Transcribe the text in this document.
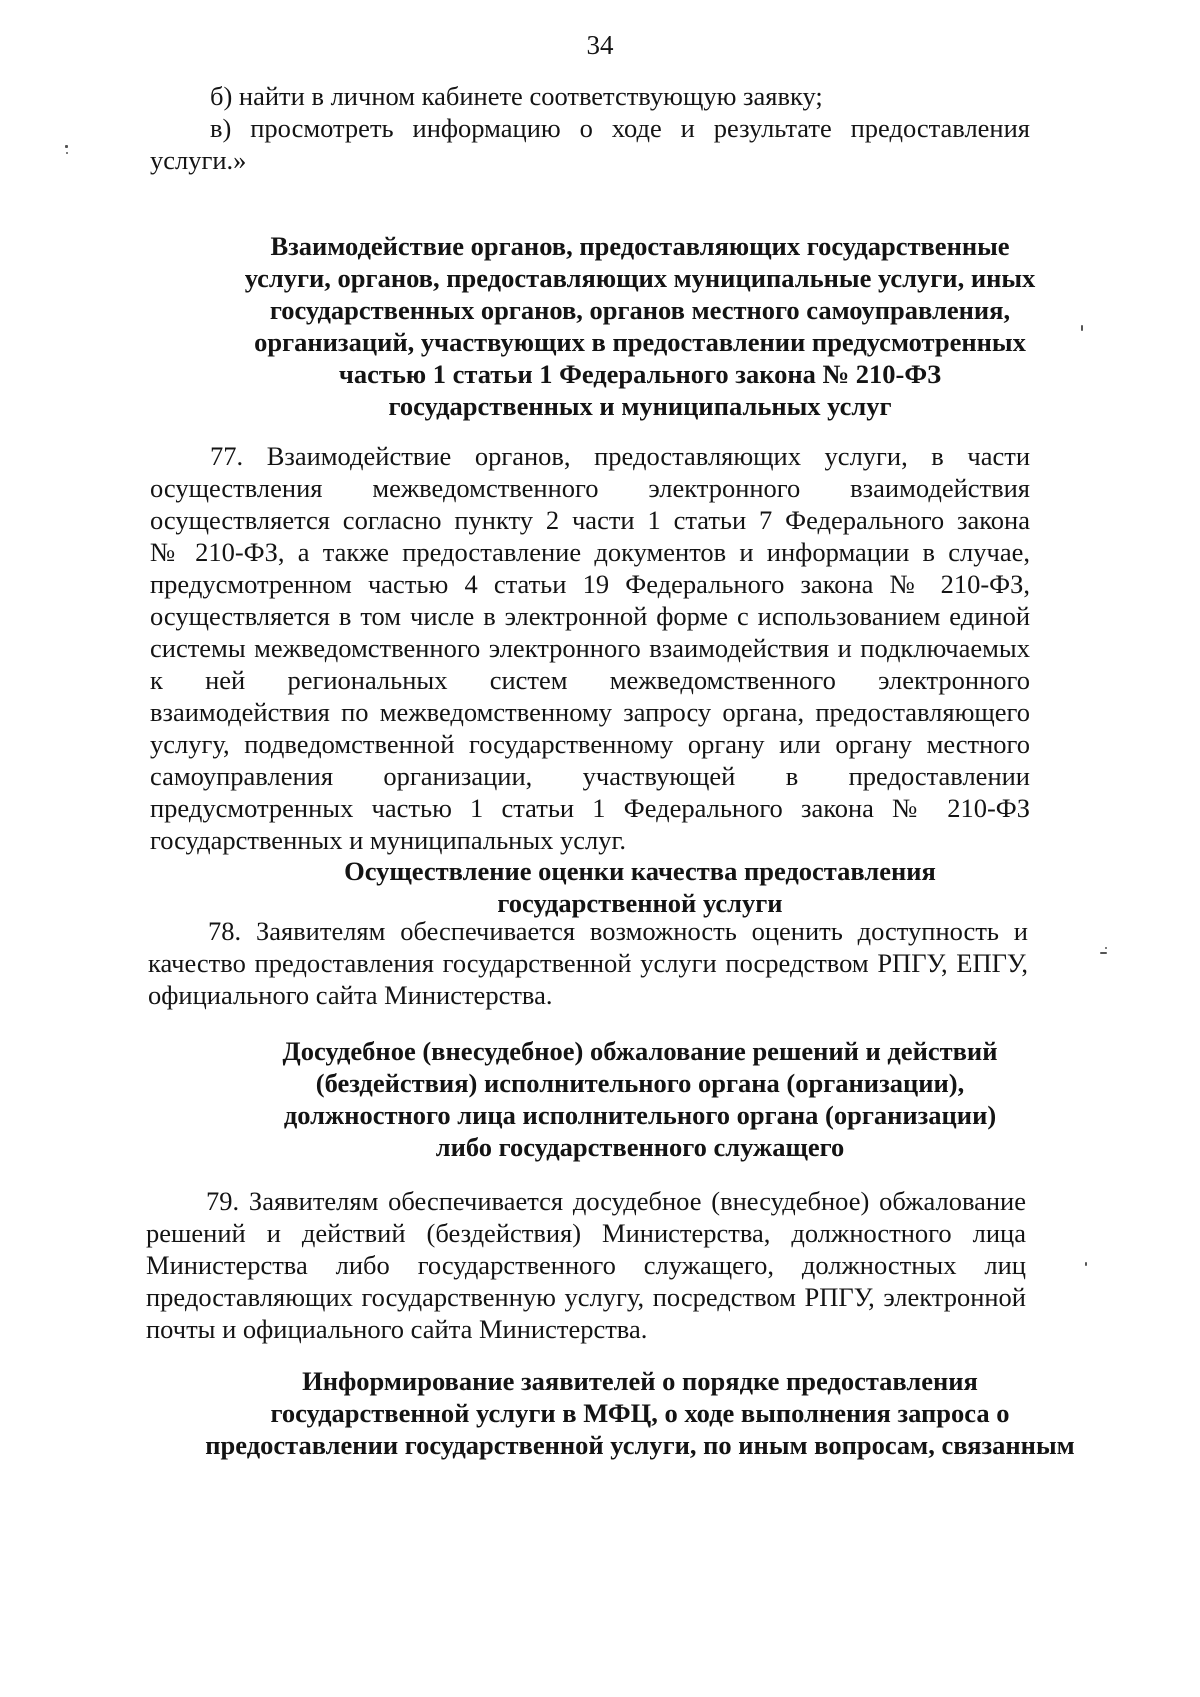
34
б) найти в личном кабинете соответствующую заявку;
в) просмотреть информацию о ходе и результате предоставления
услуги.»
Взаимодействие органов, предоставляющих государственные
услуги, органов, предоставляющих муниципальные услуги, иных
государственных органов, органов местного самоуправления,
организаций, участвующих в предоставлении предусмотренных
частью 1 статьи 1 Федерального закона № 210-ФЗ
государственных и муниципальных услуг
77. Взаимодействие органов, предоставляющих услуги, в части
осуществления межведомственного электронного взаимодействия
осуществляется согласно пункту 2 части 1 статьи 7 Федерального закона
№ 210-ФЗ, а также предоставление документов и информации в случае,
предусмотренном частью 4 статьи 19 Федерального закона № 210-ФЗ,
осуществляется в том числе в электронной форме с использованием единой
системы межведомственного электронного взаимодействия и подключаемых
к ней региональных систем межведомственного электронного
взаимодействия по межведомственному запросу органа, предоставляющего
услугу, подведомственной государственному органу или органу местного
самоуправления организации, участвующей в предоставлении
предусмотренных частью 1 статьи 1 Федерального закона № 210-ФЗ
государственных и муниципальных услуг.
Осуществление оценки качества предоставления
государственной услуги
78. Заявителям обеспечивается возможность оценить доступность и
качество предоставления государственной услуги посредством РПГУ, ЕПГУ,
официального сайта Министерства.
Досудебное (внесудебное) обжалование решений и действий
(бездействия) исполнительного органа (организации),
должностного лица исполнительного органа (организации)
либо государственного служащего
79. Заявителям обеспечивается досудебное (внесудебное) обжалование
решений и действий (бездействия) Министерства, должностного лица
Министерства либо государственного служащего, должностных лиц
предоставляющих государственную услугу, посредством РПГУ, электронной
почты и официального сайта Министерства.
Информирование заявителей о порядке предоставления
государственной услуги в МФЦ, о ходе выполнения запроса о
предоставлении государственной услуги, по иным вопросам, связанным
